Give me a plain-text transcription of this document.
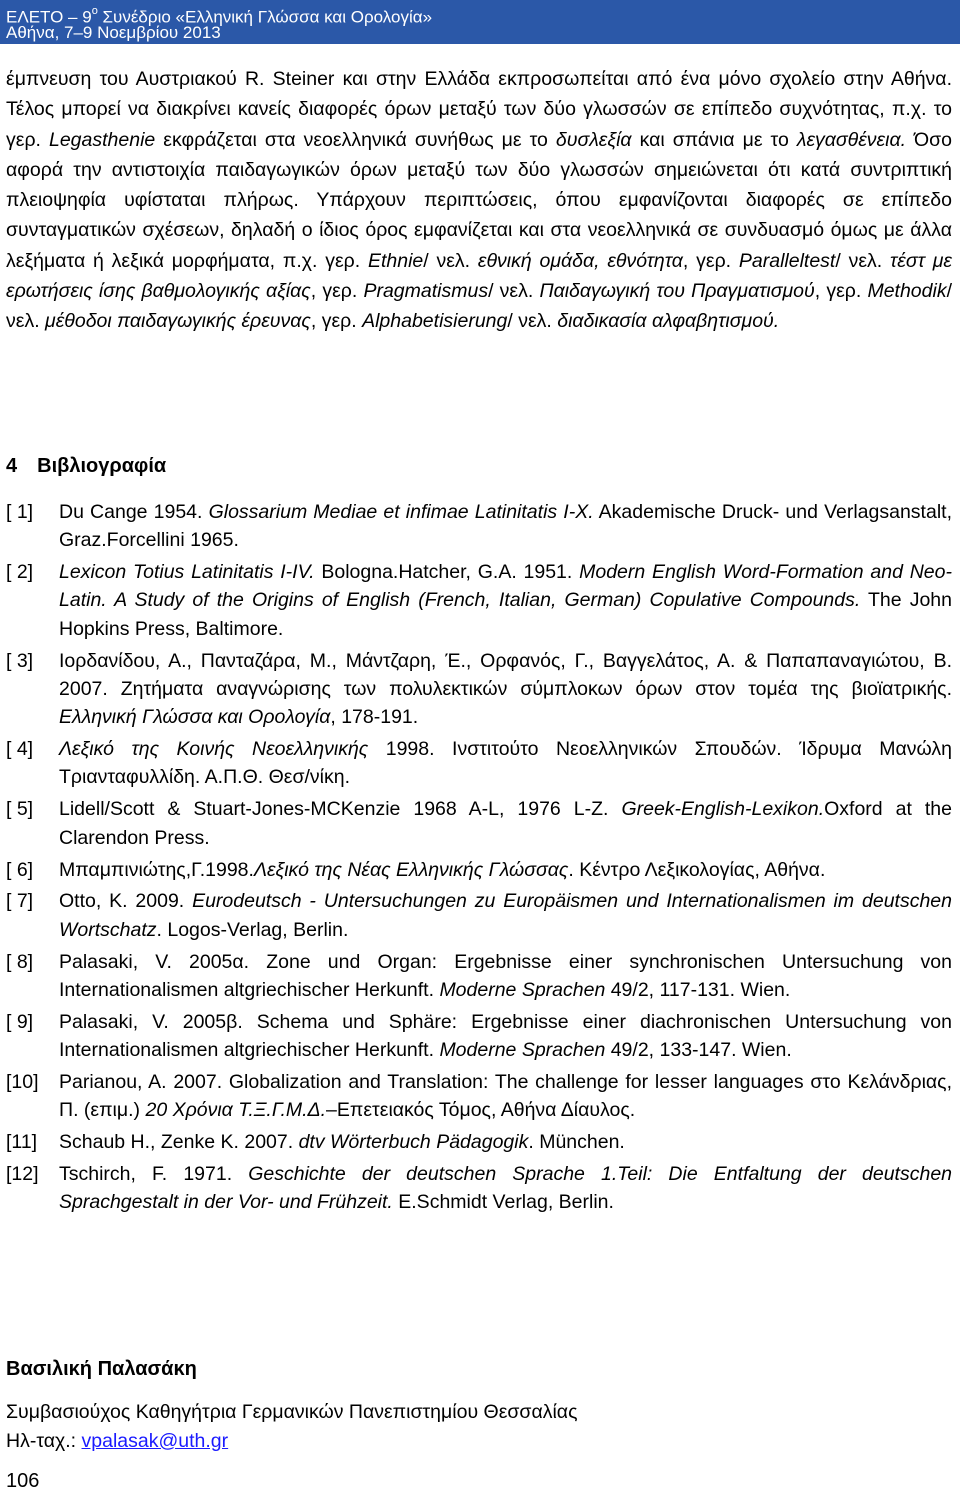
ΕΛΕΤΟ – $9^o$ Συνέδριο «Ελληνική Γλώσσα και Ορολογία»
Αθήνα, 7–9 Νοεμβρίου 2013
έμπνευση του Αυστριακού R. Steiner και στην Ελλάδα εκπροσωπείται από ένα μόνο σχολείο στην Αθήνα. Τέλος μπορεί να διακρίνει κανείς διαφορές όρων μεταξύ των δύο γλωσσών σε επίπεδο συχνότητας, π.χ. το γερ. Legasthenie εκφράζεται στα νεοελληνικά συνήθως με το δυσλεξία και σπάνια με το λεγασθένεια. Όσο αφορά την αντιστοιχία παιδαγωγικών όρων μεταξύ των δύο γλωσσών σημειώνεται ότι κατά συντριπτική πλειοψηφία υφίσταται πλήρως. Υπάρχουν περιπτώσεις, όπου εμφανίζονται διαφορές σε επίπεδο συνταγματικών σχέσεων, δηλαδή ο ίδιος όρος εμφανίζεται και στα νεοελληνικά σε συνδυασμό όμως με άλλα λεξήματα ή λεξικά μορφήματα, π.χ. γερ. Ethnie/ νελ. εθνική ομάδα, εθνότητα, γερ. Paralleltest/ νελ. τέστ με ερωτήσεις ίσης βαθμολογικής αξίας, γερ. Pragmatismus/ νελ. Παιδαγωγική του Πραγματισμού, γερ. Methodik/ νελ. μέθοδοι παιδαγωγικής έρευνας, γερ. Alphabetisierung/ νελ. διαδικασία αλφαβητισμού.
4 Βιβλιογραφία
[ 1] Du Cange 1954. Glossarium Mediae et infimae Latinitatis I-X. Akademische Druck- und Verlagsanstalt, Graz.Forcellini 1965.
[ 2] Lexicon Totius Latinitatis I-IV. Bologna.Hatcher, G.A. 1951. Modern English Word-Formation and Neo-Latin. A Study of the Origins of English (French, Italian, German) Copulative Compounds. The John Hopkins Press, Baltimore.
[ 3] Ιορδανίδου, Α., Πανταζάρα, Μ., Μάντζαρη, Έ., Ορφανός, Γ., Βαγγελάτος, Α. & Παπαπαναγιώτου, Β. 2007. Ζητήματα αναγνώρισης των πολυλεκτικών σύμπλοκων όρων στον τομέα της βιοϊατρικής. Ελληνική Γλώσσα και Ορολογία, 178-191.
[ 4] Λεξικό της Κοινής Νεοελληνικής 1998. Ινστιτούτο Νεοελληνικών Σπουδών. Ίδρυμα Μανώλη Τριανταφυλλίδη. Α.Π.Θ. Θεσ/νίκη.
[ 5] Lidell/Scott & Stuart-Jones-MCKenzie 1968 A-L, 1976 L-Z. Greek-English-Lexikon.Oxford at the Clarendon Press.
[ 6] Μπαμπινιώτης,Γ.1998.Λεξικό της Νέας Ελληνικής Γλώσσας. Κέντρο Λεξικολογίας, Αθήνα.
[ 7] Otto, K. 2009. Eurodeutsch - Untersuchungen zu Europäismen und Internationalismen im deutschen Wortschatz. Logos-Verlag, Berlin.
[ 8] Palasaki, V. 2005α. Zone und Organ: Ergebnisse einer synchronischen Untersuchung von Internationalismen altgriechischer Herkunft. Moderne Sprachen 49/2, 117-131. Wien.
[ 9] Palasaki, V. 2005β. Schema und Sphäre: Ergebnisse einer diachronischen Untersuchung von Internationalismen altgriechischer Herkunft. Moderne Sprachen 49/2, 133-147. Wien.
[10] Parianou, A. 2007. Globalization and Translation: The challenge for lesser languages στο Κελάνδριας, Π. (επιμ.) 20 Χρόνια Τ.Ξ.Γ.Μ.Δ.–Επετειακός Τόμος, Αθήνα Δίαυλος.
[11] Schaub H., Zenke K. 2007. dtv Wörterbuch Pädagogik. München.
[12] Tschirch, F. 1971. Geschichte der deutschen Sprache 1.Teil: Die Entfaltung der deutschen Sprachgestalt in der Vor- und Frühzeit. E.Schmidt Verlag, Berlin.
Βασιλική Παλασάκη
Συμβασιούχος Καθηγήτρια Γερμανικών Πανεπιστημίου Θεσσαλίας
Ηλ-ταχ.: vpalasak@uth.gr
106
